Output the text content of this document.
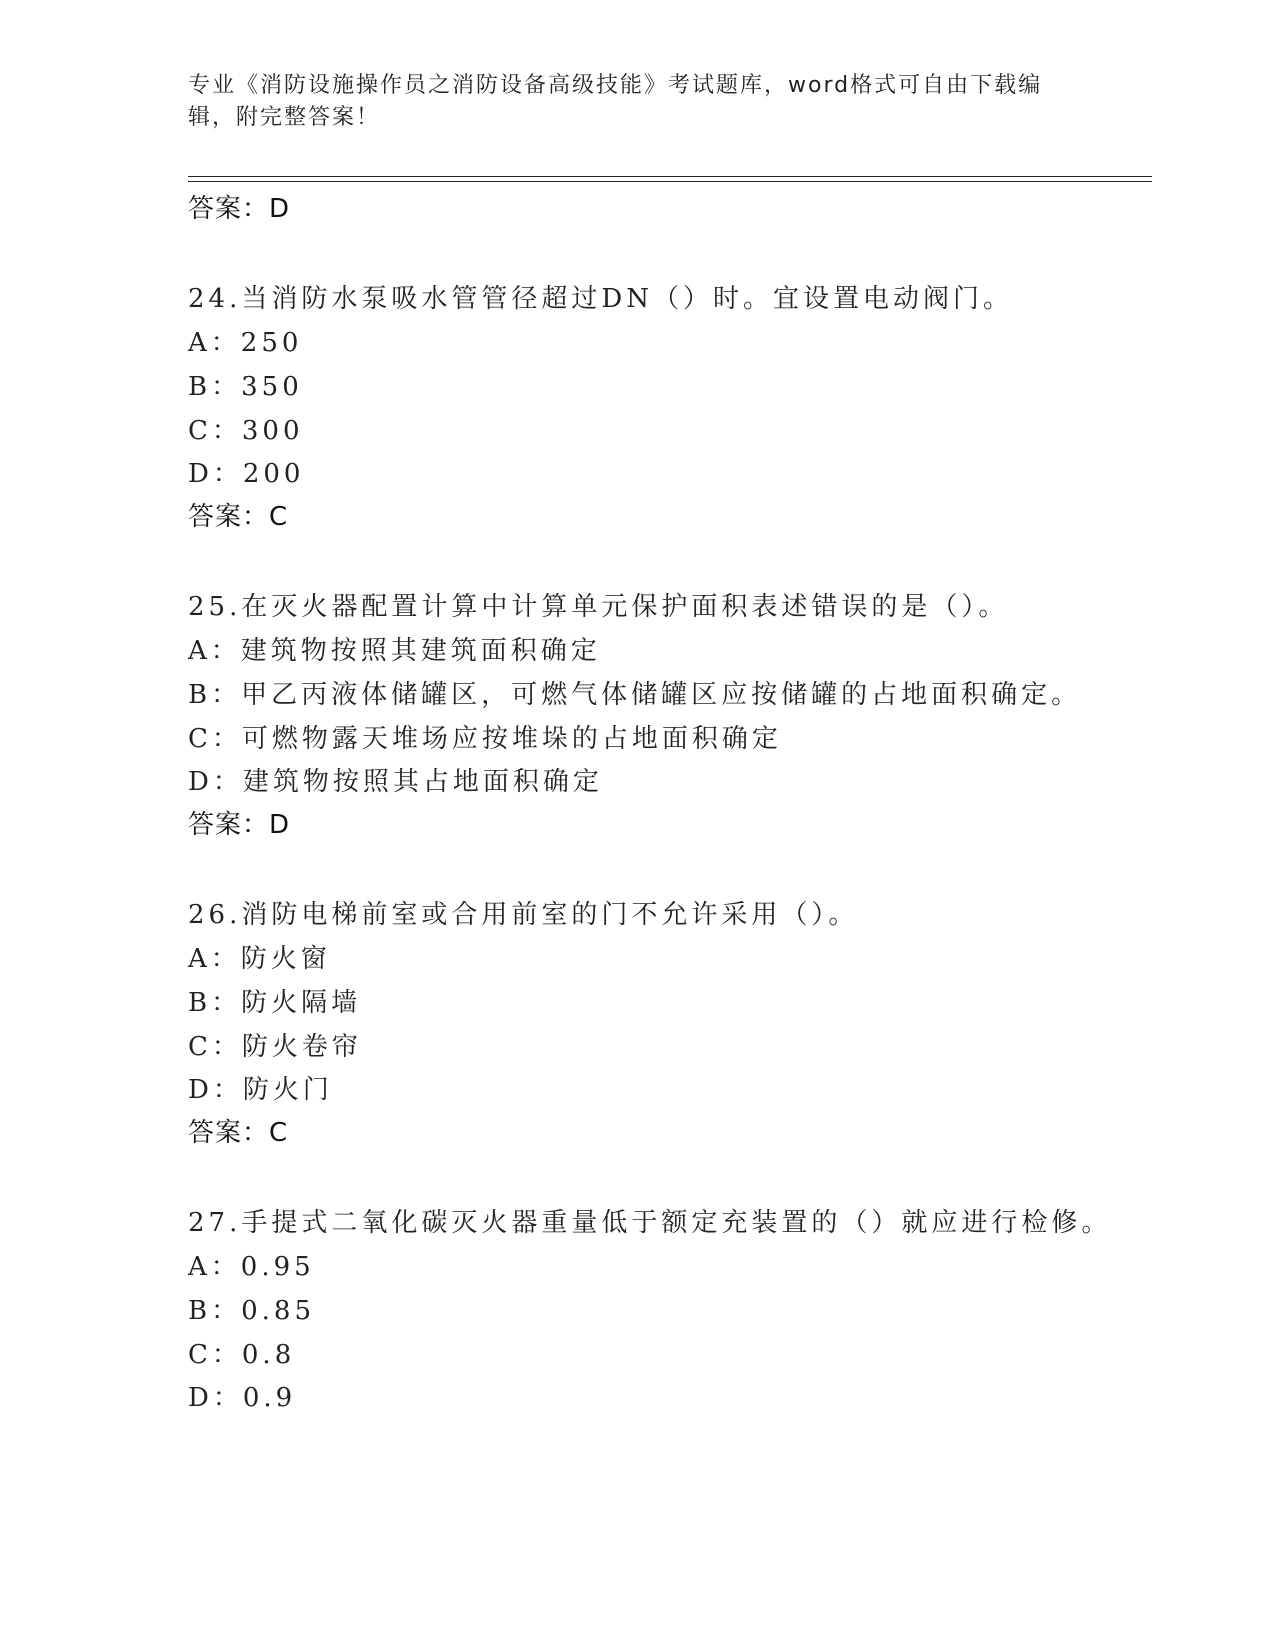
专业《消防设施操作员之消防设备高级技能》考试题库，word格式可自由下载编
辑，附完整答案！
答案：D
24.当消防水泵吸水管管径超过DN（）时。宜设置电动阀门。
A：250
B：350
C：300
D：200
答案：C
25.在灭火器配置计算中计算单元保护面积表述错误的是（）。
A：建筑物按照其建筑面积确定
B：甲乙丙液体储罐区，可燃气体储罐区应按储罐的占地面积确定。
C：可燃物露天堆场应按堆垛的占地面积确定
D：建筑物按照其占地面积确定
答案：D
26.消防电梯前室或合用前室的门不允许采用（）。
A：防火窗
B：防火隔墙
C：防火卷帘
D：防火门
答案：C
27.手提式二氧化碳灭火器重量低于额定充装置的（）就应进行检修。
A：0.95
B：0.85
C：0.8
D：0.9
